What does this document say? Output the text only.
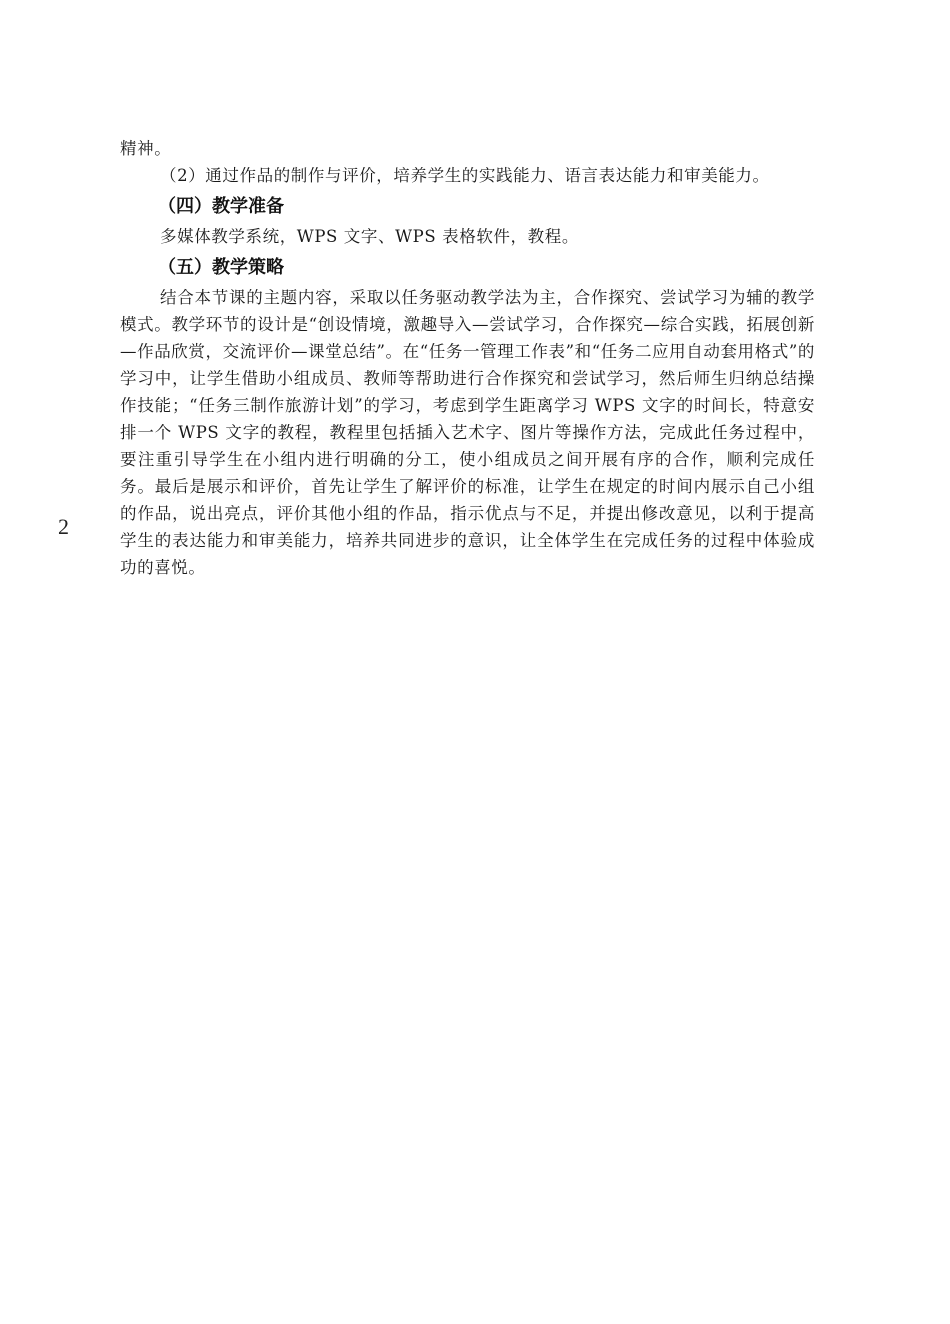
2

精神。

（2）通过作品的制作与评价，培养学生的实践能力、语言表达能力和审美能力。

（四）教学准备

多媒体教学系统，WPS 文字、WPS 表格软件，教程。

（五）教学策略

结合本节课的主题内容，采取以任务驱动教学法为主，合作探究、尝试学习为辅的教学模式。教学环节的设计是“创设情境，激趣导入—尝试学习，合作探究—综合实践，拓展创新—作品欣赏，交流评价—课堂总结”。在“任务一管理工作表”和“任务二应用自动套用格式”的学习中，让学生借助小组成员、教师等帮助进行合作探究和尝试学习，然后师生归纳总结操作技能；“任务三制作旅游计划”的学习，考虑到学生距离学习 WPS 文字的时间长，特意安排一个 WPS 文字的教程，教程里包括插入艺术字、图片等操作方法，完成此任务过程中，要注重引导学生在小组内进行明确的分工，使小组成员之间开展有序的合作，顺利完成任务。最后是展示和评价，首先让学生了解评价的标准，让学生在规定的时间内展示自己小组的作品，说出亮点，评价其他小组的作品，指示优点与不足，并提出修改意见，以利于提高学生的表达能力和审美能力，培养共同进步的意识，让全体学生在完成任务的过程中体验成功的喜悦。
